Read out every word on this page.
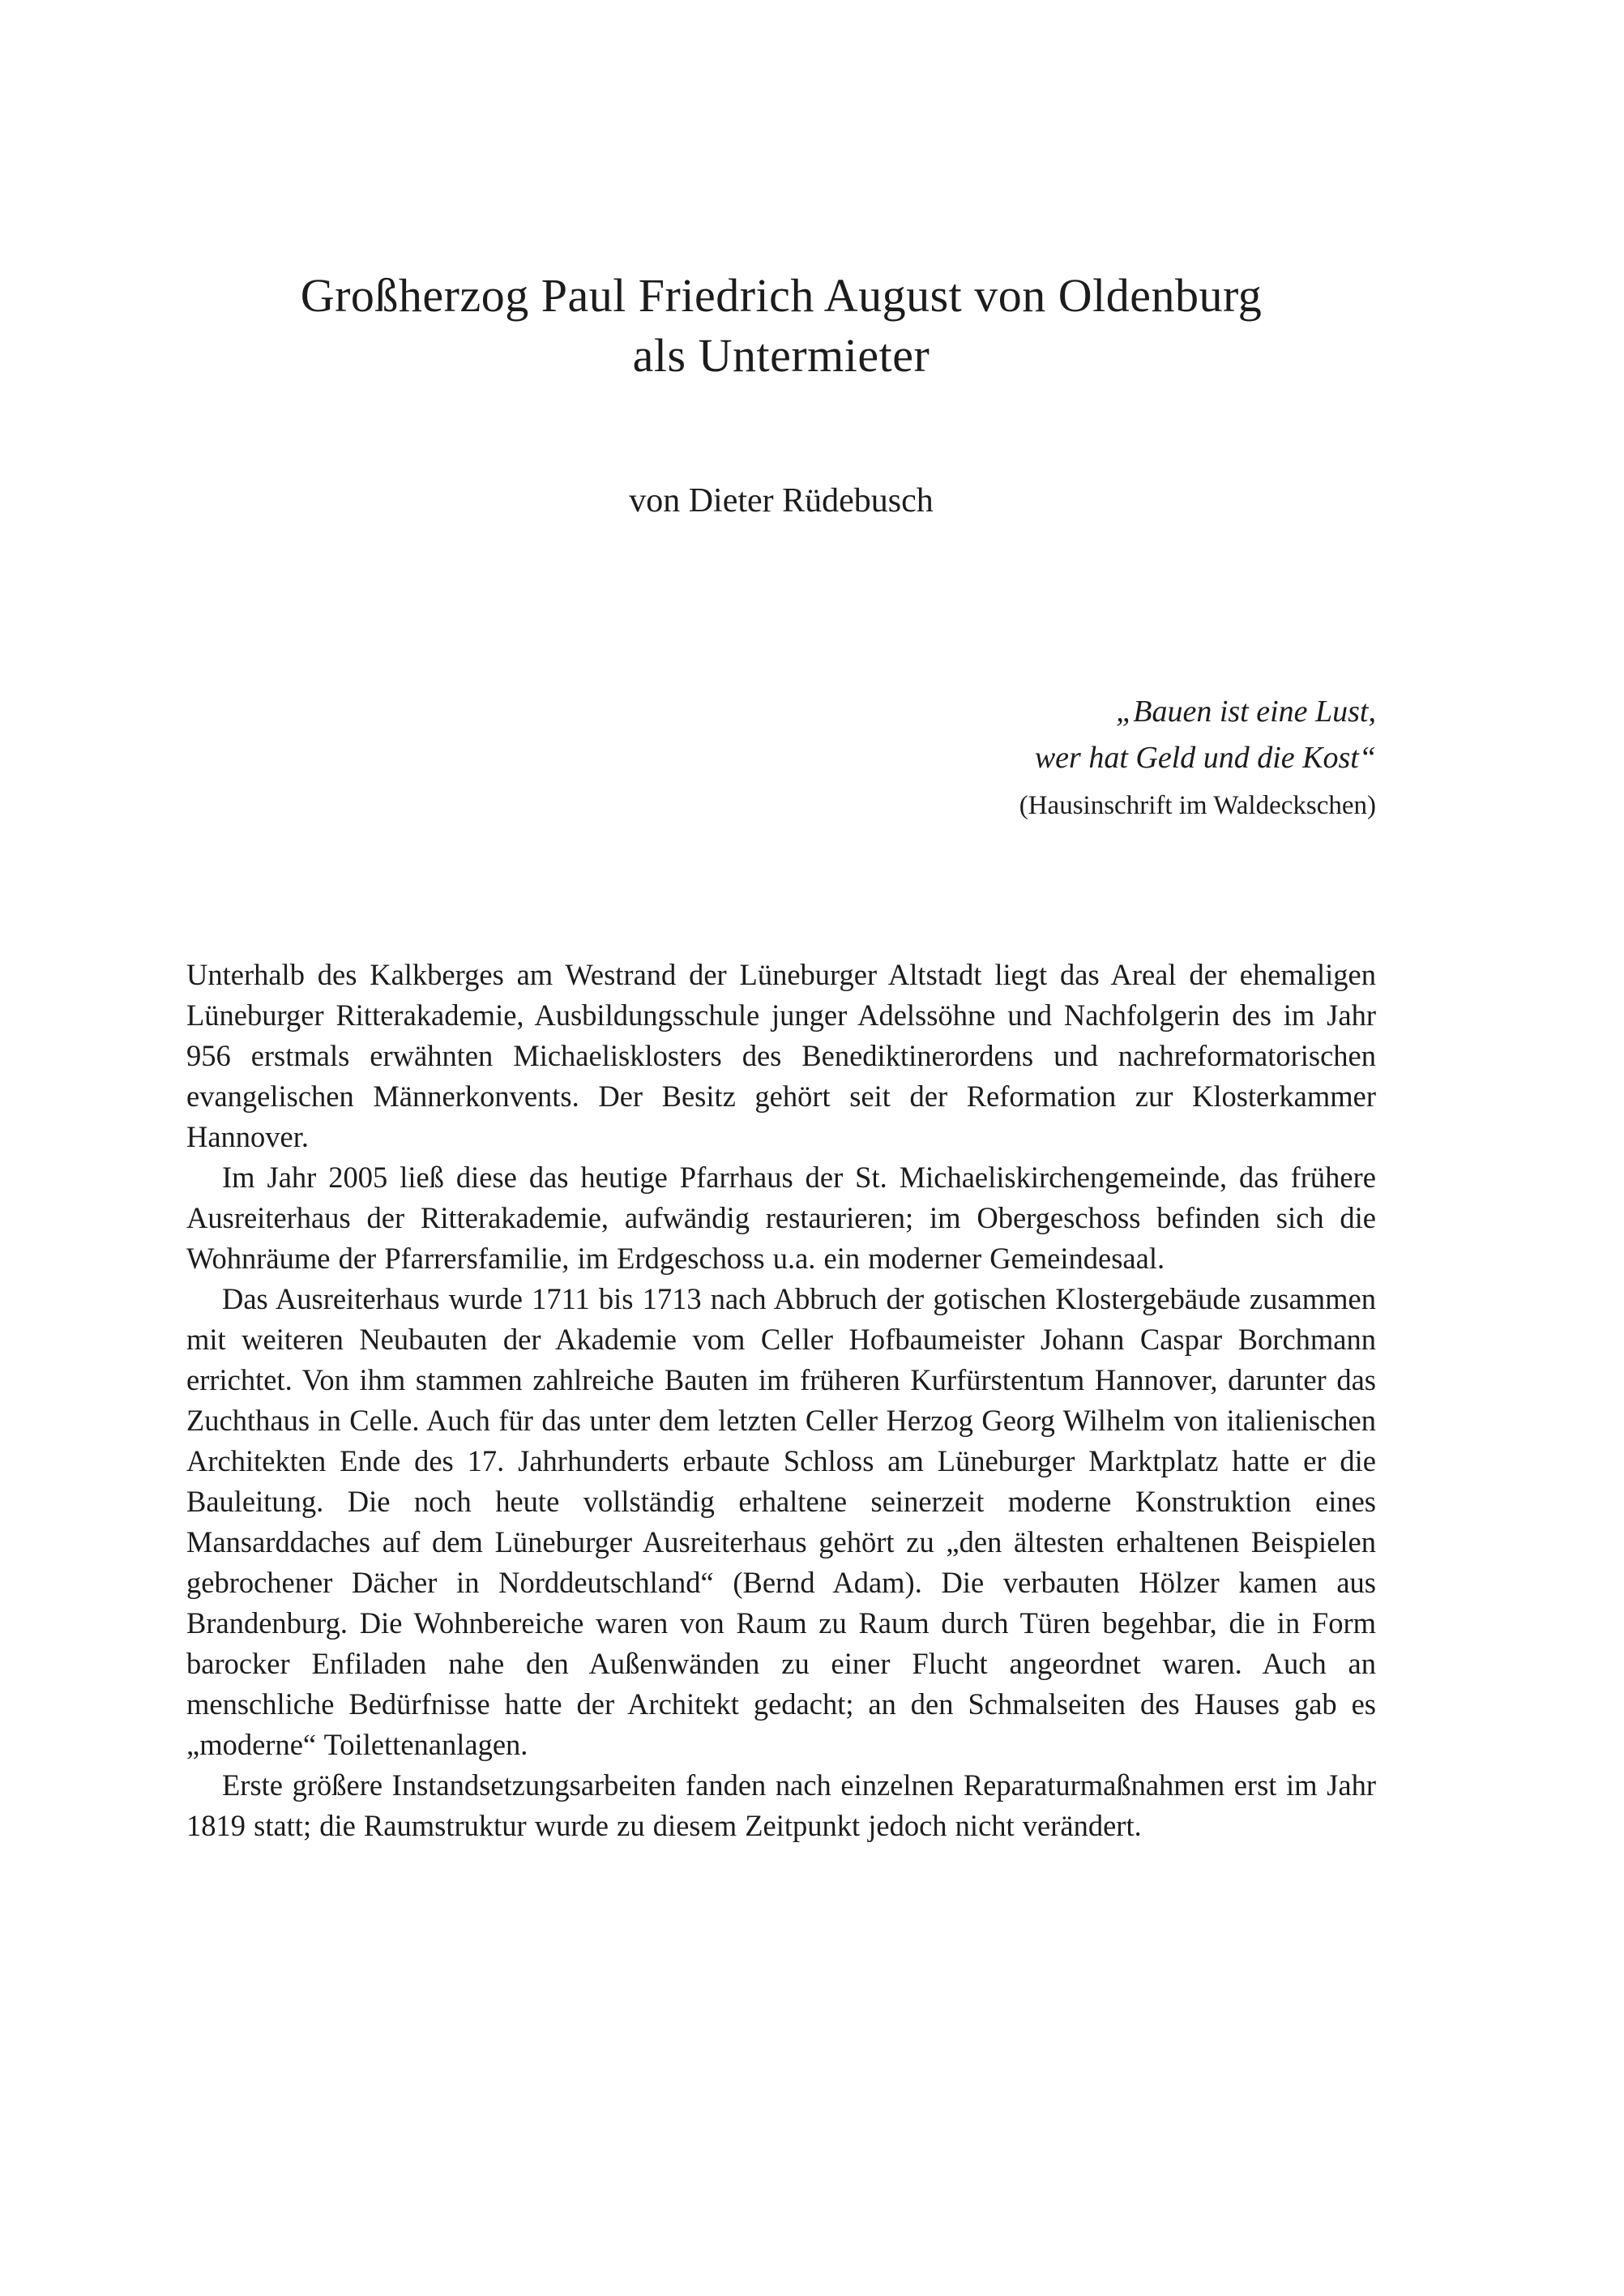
Großherzog Paul Friedrich August von Oldenburg
als Untermieter
von Dieter Rüdebusch
„Bauen ist eine Lust,
wer hat Geld und die Kost“
(Hausinschrift im Waldeckschen)

Unterhalb des Kalkberges am Westrand der Lüneburger Altstadt liegt das Areal der ehemaligen Lüneburger Ritterakademie, Ausbildungsschule junger Adelssöhne und Nachfolgerin des im Jahr 956 erstmals erwähnten Michaelisklosters des Benediktinerordens und nachreformatorischen evangelischen Männerkonvents. Der Besitz gehört seit der Reformation zur Klosterkammer Hannover.

Im Jahr 2005 ließ diese das heutige Pfarrhaus der St. Michaeliskirchengemeinde, das frühere Ausreiterhaus der Ritterakademie, aufwändig restaurieren; im Obergeschoss befinden sich die Wohnräume der Pfarrersfamilie, im Erdgeschoss u.a. ein moderner Gemeindesaal.

Das Ausreiterhaus wurde 1711 bis 1713 nach Abbruch der gotischen Klostergebäude zusammen mit weiteren Neubauten der Akademie vom Celler Hofbaumeister Johann Caspar Borchmann errichtet. Von ihm stammen zahlreiche Bauten im früheren Kurfürstentum Hannover, darunter das Zuchthaus in Celle. Auch für das unter dem letzten Celler Herzog Georg Wilhelm von italienischen Architekten Ende des 17. Jahrhunderts erbaute Schloss am Lüneburger Marktplatz hatte er die Bauleitung. Die noch heute vollständig erhaltene seinerzeit moderne Konstruktion eines Mansarddaches auf dem Lüneburger Ausreiterhaus gehört zu „den ältesten erhaltenen Beispielen gebrochener Dächer in Norddeutschland“ (Bernd Adam). Die verbauten Hölzer kamen aus Brandenburg. Die Wohnbereiche waren von Raum zu Raum durch Türen begehbar, die in Form barocker Enfiladen nahe den Außenwänden zu einer Flucht angeordnet waren. Auch an menschliche Bedürfnisse hatte der Architekt gedacht; an den Schmalseiten des Hauses gab es „moderne“ Toilettenanlagen.

Erste größere Instandsetzungsarbeiten fanden nach einzelnen Reparaturmaßnahmen erst im Jahr 1819 statt; die Raumstruktur wurde zu diesem Zeitpunkt jedoch nicht verändert.
